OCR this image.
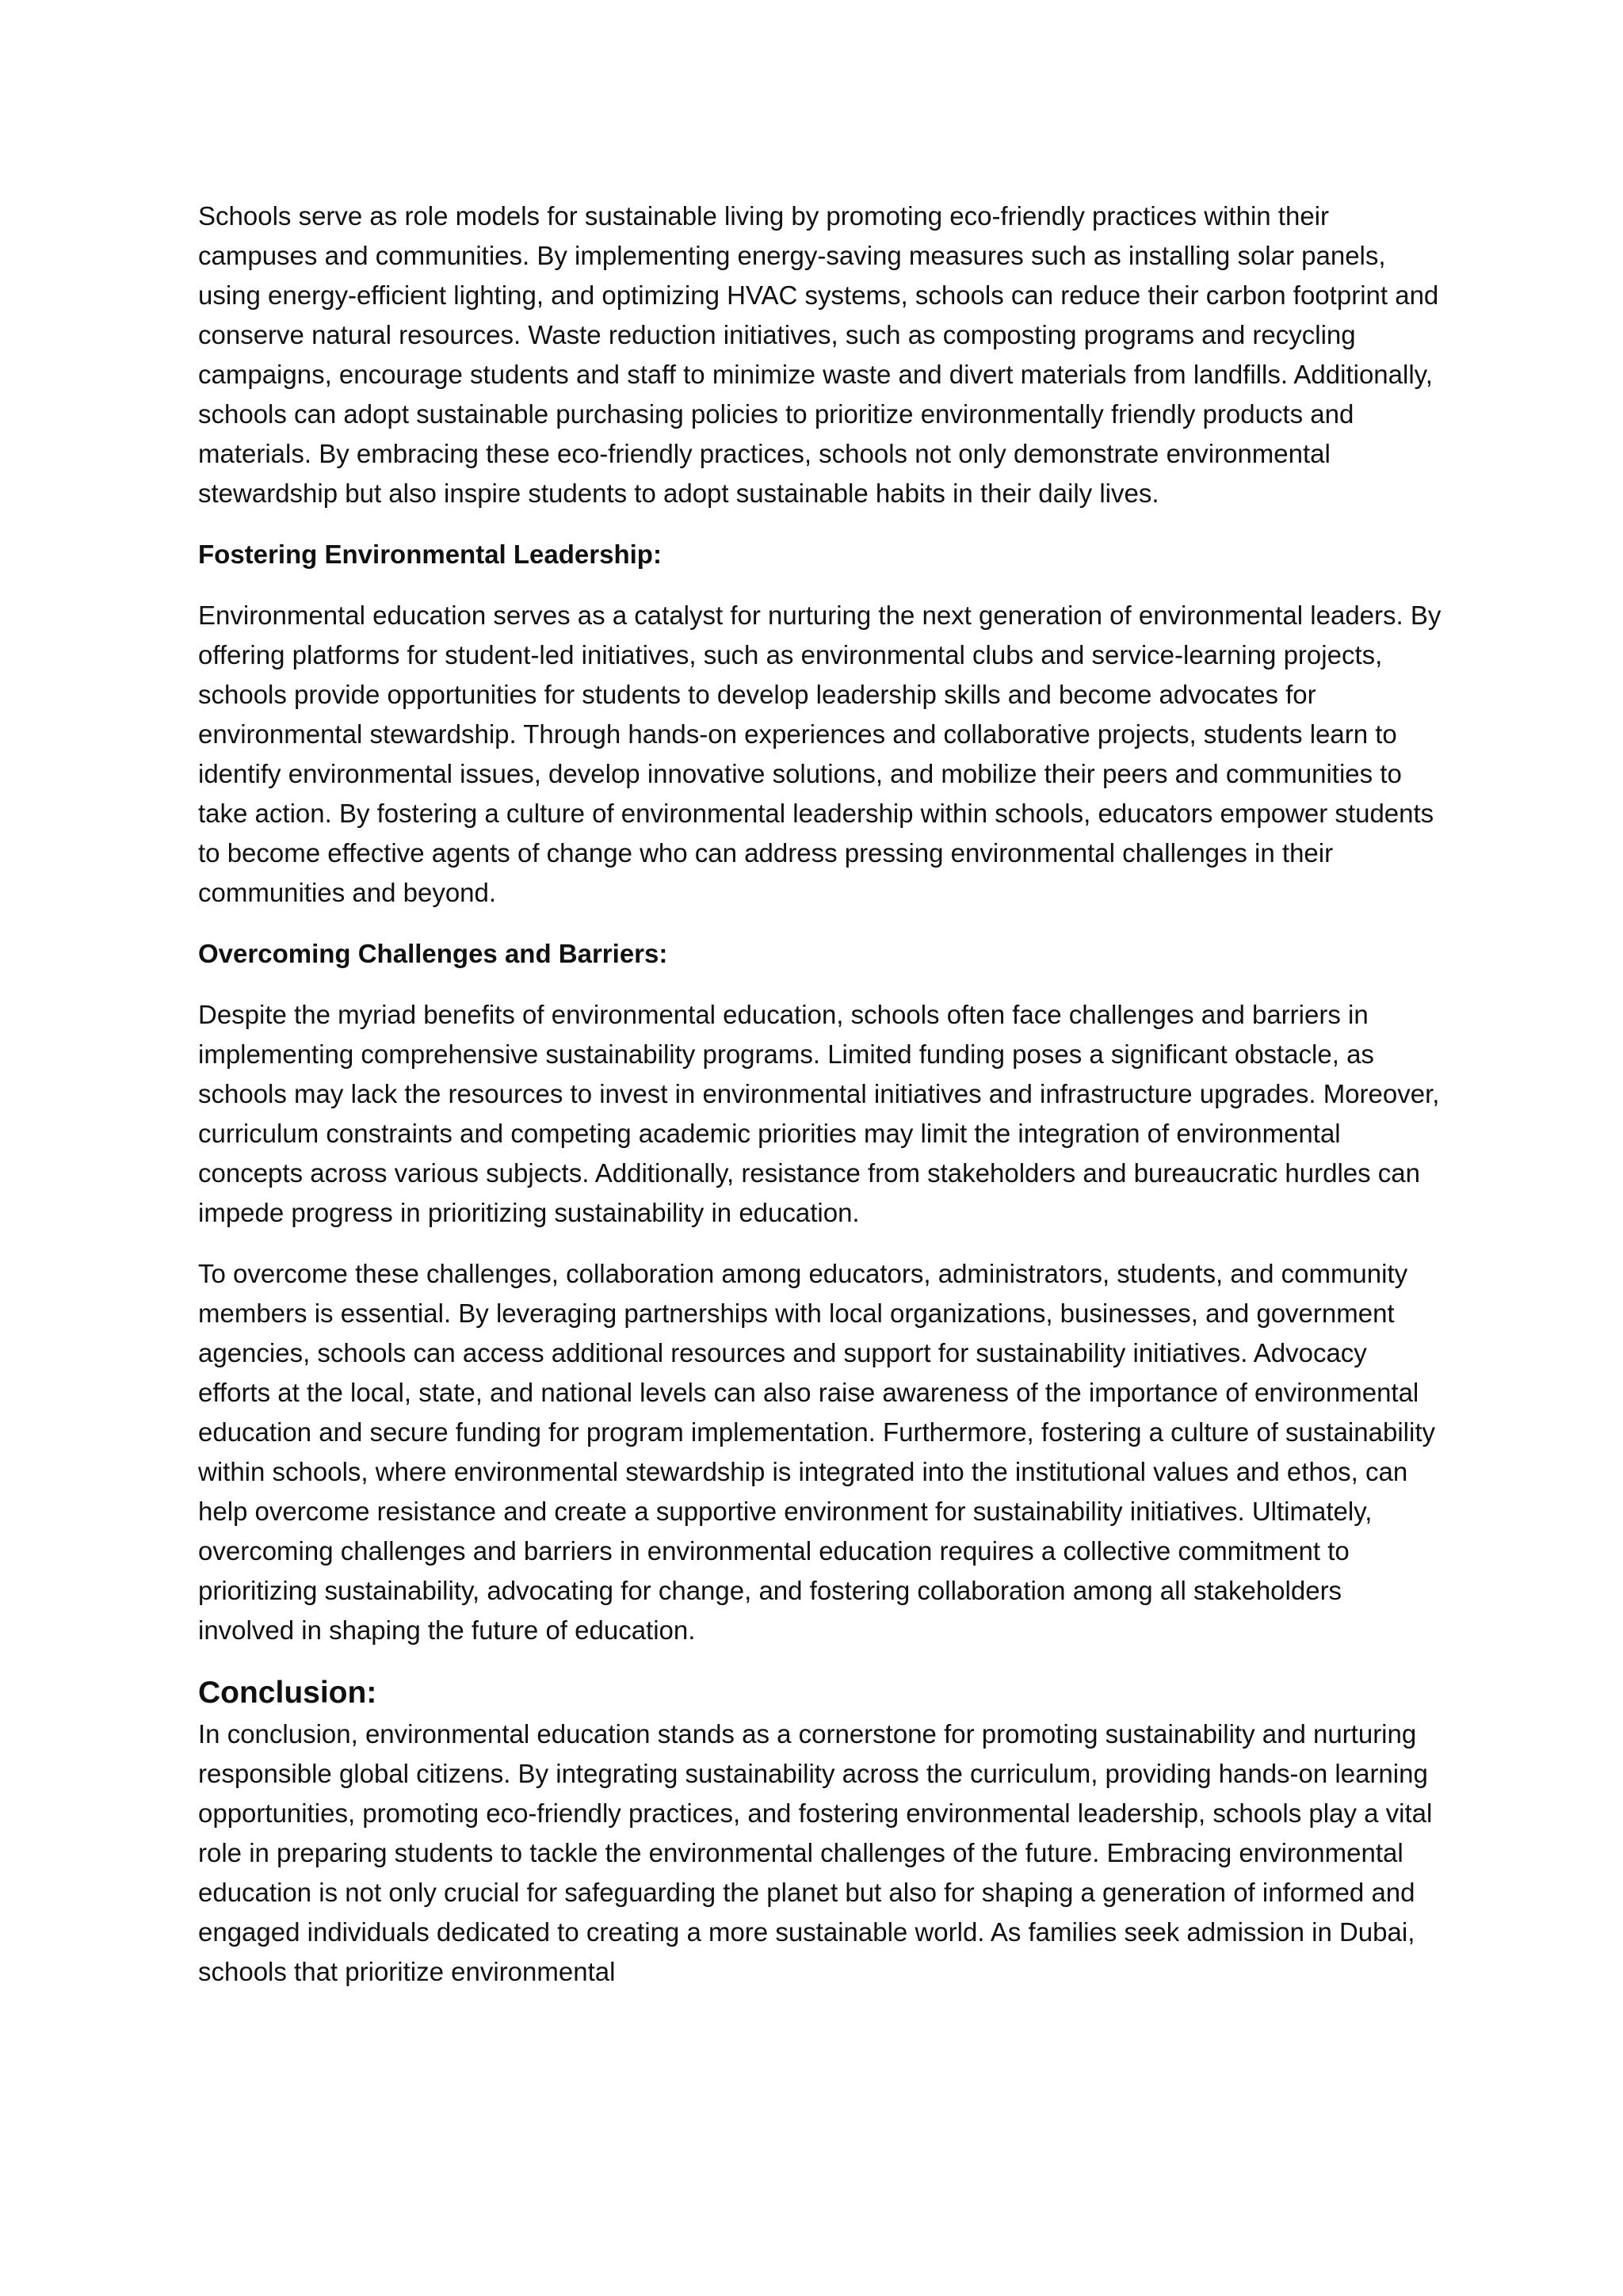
Schools serve as role models for sustainable living by promoting eco-friendly practices within their campuses and communities. By implementing energy-saving measures such as installing solar panels, using energy-efficient lighting, and optimizing HVAC systems, schools can reduce their carbon footprint and conserve natural resources. Waste reduction initiatives, such as composting programs and recycling campaigns, encourage students and staff to minimize waste and divert materials from landfills. Additionally, schools can adopt sustainable purchasing policies to prioritize environmentally friendly products and materials. By embracing these eco-friendly practices, schools not only demonstrate environmental stewardship but also inspire students to adopt sustainable habits in their daily lives.

Fostering Environmental Leadership:

Environmental education serves as a catalyst for nurturing the next generation of environmental leaders. By offering platforms for student-led initiatives, such as environmental clubs and service-learning projects, schools provide opportunities for students to develop leadership skills and become advocates for environmental stewardship. Through hands-on experiences and collaborative projects, students learn to identify environmental issues, develop innovative solutions, and mobilize their peers and communities to take action. By fostering a culture of environmental leadership within schools, educators empower students to become effective agents of change who can address pressing environmental challenges in their communities and beyond.

Overcoming Challenges and Barriers:

Despite the myriad benefits of environmental education, schools often face challenges and barriers in implementing comprehensive sustainability programs. Limited funding poses a significant obstacle, as schools may lack the resources to invest in environmental initiatives and infrastructure upgrades. Moreover, curriculum constraints and competing academic priorities may limit the integration of environmental concepts across various subjects. Additionally, resistance from stakeholders and bureaucratic hurdles can impede progress in prioritizing sustainability in education.

To overcome these challenges, collaboration among educators, administrators, students, and community members is essential. By leveraging partnerships with local organizations, businesses, and government agencies, schools can access additional resources and support for sustainability initiatives. Advocacy efforts at the local, state, and national levels can also raise awareness of the importance of environmental education and secure funding for program implementation. Furthermore, fostering a culture of sustainability within schools, where environmental stewardship is integrated into the institutional values and ethos, can help overcome resistance and create a supportive environment for sustainability initiatives. Ultimately, overcoming challenges and barriers in environmental education requires a collective commitment to prioritizing sustainability, advocating for change, and fostering collaboration among all stakeholders involved in shaping the future of education.

Conclusion:

In conclusion, environmental education stands as a cornerstone for promoting sustainability and nurturing responsible global citizens. By integrating sustainability across the curriculum, providing hands-on learning opportunities, promoting eco-friendly practices, and fostering environmental leadership, schools play a vital role in preparing students to tackle the environmental challenges of the future. Embracing environmental education is not only crucial for safeguarding the planet but also for shaping a generation of informed and engaged individuals dedicated to creating a more sustainable world. As families seek admission in Dubai, schools that prioritize environmental
